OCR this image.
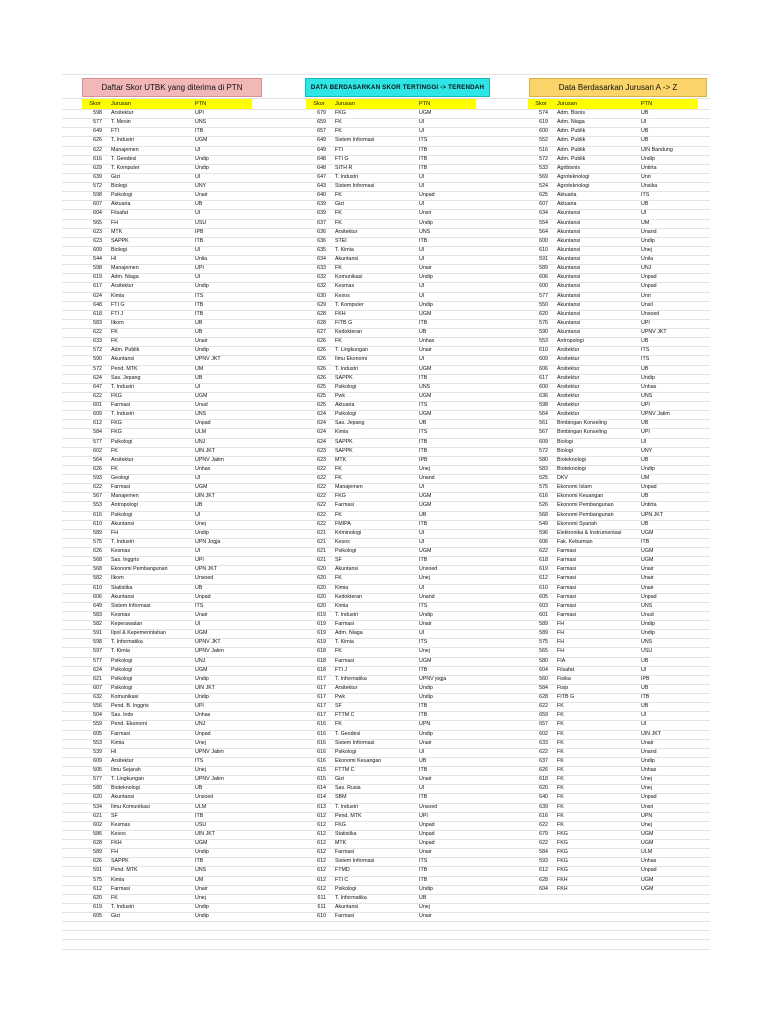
Daftar Skor UTBK yang diterima di PTN	DATA BERDASARKAN SKOR TERTINGGI -> TERENDAH	Data Berdasarkan Jurusan A -> Z
Skor	Jurusan	PTN
598	Arsitektur	UPI
577	T. Mesin	UNS
649	FTI	ITB
626	T. Industri	UGM
622	Manajemen	UI
616	T. Geodesi	Undip
629	T. Komputer	Undip
639	Gizi	UI
572	Biologi	UNY
598	Psikologi	Unair
607	Aktuaria	UB
604	Filsafat	UI
565	FH	USU
623	MTK	IPB
623	SAPPK	ITB
609	Biologi	UI
544	HI	Unila
598	Manajemen	UPI
619	Adm. Niaga	UI
617	Arsitektur	Undip
624	Kimia	ITS
648	FTI G	ITB
618	FTI J	ITB
583	Ilkom	UB
622	FK	UB
633	FK	Unair
572	Adm. Publik	Undip
590	Akuntansi	UPNV JKT
572	Pend. MTK	UM
624	Sas. Jepang	UB
647	T. Industri	UI
622	FKG	UGM
601	Farmasi	Unud
609	T. Industri	UNS
612	FKG	Unpad
584	FKG	ULM
577	Psikologi	UNJ
602	FK	UIN JKT
564	Arsitektur	UPNV Jatim
626	FK	Unhas
593	Geologi	UI
622	Farmasi	UGM
567	Manajemen	UIN JKT
553	Antropologi	UB
616	Psikologi	UI
610	Akuntansi	Unej
589	FH	Undip
575	T. Industri	UPN Jogja
626	Kesmas	UI
568	Sas. Inggris	UPI
568	Ekonomi Pembangunan	UPN JKT
582	Ilkom	Unsoed
610	Statistika	UB
606	Akuntansi	Unpad
649	Sistem Informasi	ITS
583	Kesmas	Unair
582	Keperawatan	UI
591	Ilpol & Kepemerintahan	UGM
598	T. Informatika	UPNV JKT
597	T. Kimia	UPNV Jatim
577	Psikologi	UNJ
624	Psikologi	UGM
621	Psikologi	Undip
607	Psikologi	UIN JKT
632	Komunikasi	Undip
556	Pend. B. Inggris	UPI
504	Sas. Indo	Unhas
559	Pend. Ekonomi	UNJ
605	Farmasi	Unpad
553	Kimia	Unej
539	HI	UPNV Jatim
609	Arsitektur	ITS
505	Ilmu Sejarah	Unej
577	T. Lingkungan	UPNV Jatim
580	Bioteknologi	UB
620	Akuntansi	Unsoed
534	Ilmu Komunikasi	ULM
621	SF	ITB
602	Kesmas	USU
586	Kesos	UIN JKT
628	FKH	UGM
589	FH	Undip
626	SAPPK	ITB
591	Pend. MTK	UNS
575	Kimia	UM
612	Farmasi	Unair
620	FK	Unej
619	T. Industri	Undip
605	Gizi	Undip
Skor	Jurusan	PTN
679	FKG	UGM
659	FK	UI
657	FK	UI
649	Sistem Informasi	ITS
649	FTI	ITB
648	FTI G	ITB
648	SITH R	ITB
647	T. Industri	UI
643	Sistem Informasi	UI
640	FK	Unpad
639	Gizi	UI
639	FK	Unsri
637	FK	Undip
636	Arsitektur	UNS
636	STEI	ITB
635	T. Kimia	UI
634	Akuntansi	UI
633	FK	Unair
632	Komunikasi	Undip
632	Kesmas	UI
630	Kesos	UI
629	T. Komputer	Undip
628	FKH	UGM
628	FITB G	ITB
627	Kedokteran	UB
626	FK	Unhas
626	T. Lingkungan	Unair
626	Ilmu Ekonomi	UI
626	T. Industri	UGM
626	SAPPK	ITB
625	Psikologi	UNS
625	Pwk	UGM
625	Aktuaria	ITS
624	Psikologi	UGM
624	Sas. Jepang	UB
624	Kimia	ITS
624	SAPPK	ITB
623	SAPPK	ITB
623	MTK	IPB
622	FK	Unej
622	FK	Unand
622	Manajemen	UI
622	FKG	UGM
622	Farmasi	UGM
622	FK	UB
622	FMIPA	ITB
621	Kriminologi	UI
621	Kesos	UI
621	Psikologi	UGM
621	SF	ITB
620	Akuntansi	Unsoed
620	FK	Unej
620	Kimia	UI
620	Kedokteran	Unand
620	Kimia	ITS
619	T. Industri	Undip
619	Farmasi	Unair
619	Adm. Niaga	UI
619	T. Kimia	ITS
618	FK	Unej
618	Farmasi	UGM
618	FTI J	ITB
617	T. Informatika	UPNV jogja
617	Arsitektur	Undip
617	Pwk	Undip
617	SF	ITB
617	FTTM C	ITB
616	FK	UPN
616	T. Geodesi	Undip
616	Sistem Informasi	Unair
616	Psikologi	UI
616	Ekonomi Keuangan	UB
615	FTTM C	ITB
615	Gizi	Unair
614	Sas. Rusia	UI
614	SBM	ITB
613	T. Industri	Unsoed
612	Pend. MTK	UPI
612	FKG	Unpad
612	Statistika	Unpad
612	MTK	Unpad
612	Farmasi	Unair
612	Sistem Informasi	ITS
612	FTMD	ITB
612	FTI C	ITB
612	Psikologi	Undip
611	T. Informatika	UB
611	Akuntansi	Unej
610	Farmasi	Unair
Skor	Jurusan	PTN
574	Adm. Bisnis	UB
619	Adm. Niaga	UI
600	Adm. Publik	UB
552	Adm. Publik	UB
516	Adm. Publik	UIN Bandung
572	Adm. Publik	Undip
533	Agribisnis	Untirta
569	Agroteknologi	Unri
524	Agroteknologi	Unsika
625	Aktuaria	ITS
607	Aktuaria	UB
634	Akuntansi	UI
554	Akuntansi	UM
564	Akuntansi	Unand
600	Akuntansi	Undip
610	Akuntansi	Unej
591	Akuntansi	Unila
589	Akuntansi	UNJ
606	Akuntansi	Unpad
600	Akuntansi	Unpad
577	Akuntansi	Unri
550	Akuntansi	Unsil
620	Akuntansi	Unsoed
576	Akuntansi	UPI
590	Akuntansi	UPNV JKT
553	Antropologi	UB
610	Arsitektur	ITS
609	Arsitektur	ITS
606	Arsitektur	UB
617	Arsitektur	Undip
600	Arsitektur	Unhas
636	Arsitektur	UNS
598	Arsitektur	UPI
564	Arsitektur	UPNV Jatim
561	Bimbingan Konseling	UB
567	Bimbingan Konseling	UPI
609	Biologi	UI
572	Biologi	UNY
580	Bioteknologi	UB
583	Bioteknologi	Undip
525	DKV	UM
575	Ekonomi Islam	Unpad
616	Ekonomi Keuangan	UB
526	Ekonomi Pembangunan	Untirta
568	Ekonomi Pembangunan	UPN JKT
549	Ekonomi Syariah	UB
596	Elektronika & Instrumentasi	UGM
606	Fak. Kebumian	ITB
622	Farmasi	UGM
618	Farmasi	UGM
619	Farmasi	Unair
612	Farmasi	Unair
610	Farmasi	Unair
605	Farmasi	Unpad
603	Farmasi	UNS
601	Farmasi	Unud
589	FH	Undip
589	FH	Undip
575	FH	UNS
565	FH	USU
580	FIA	UB
604	Filsafat	UI
560	Fisika	IPB
584	Fisip	UB
628	FITB G	ITB
622	FK	UB
659	FK	UI
657	FK	UI
602	FK	UIN JKT
633	FK	Unair
622	FK	Unand
637	FK	Undip
626	FK	Unhas
618	FK	Unej
620	FK	Unej
640	FK	Unpad
639	FK	Unsri
616	FK	UPN
622	FK	Unej
679	FKG	UGM
622	FKG	UGM
584	FKG	ULM
593	FKG	Unhas
612	FKG	Unpad
628	FKH	UGM
604	FKH	UGM
